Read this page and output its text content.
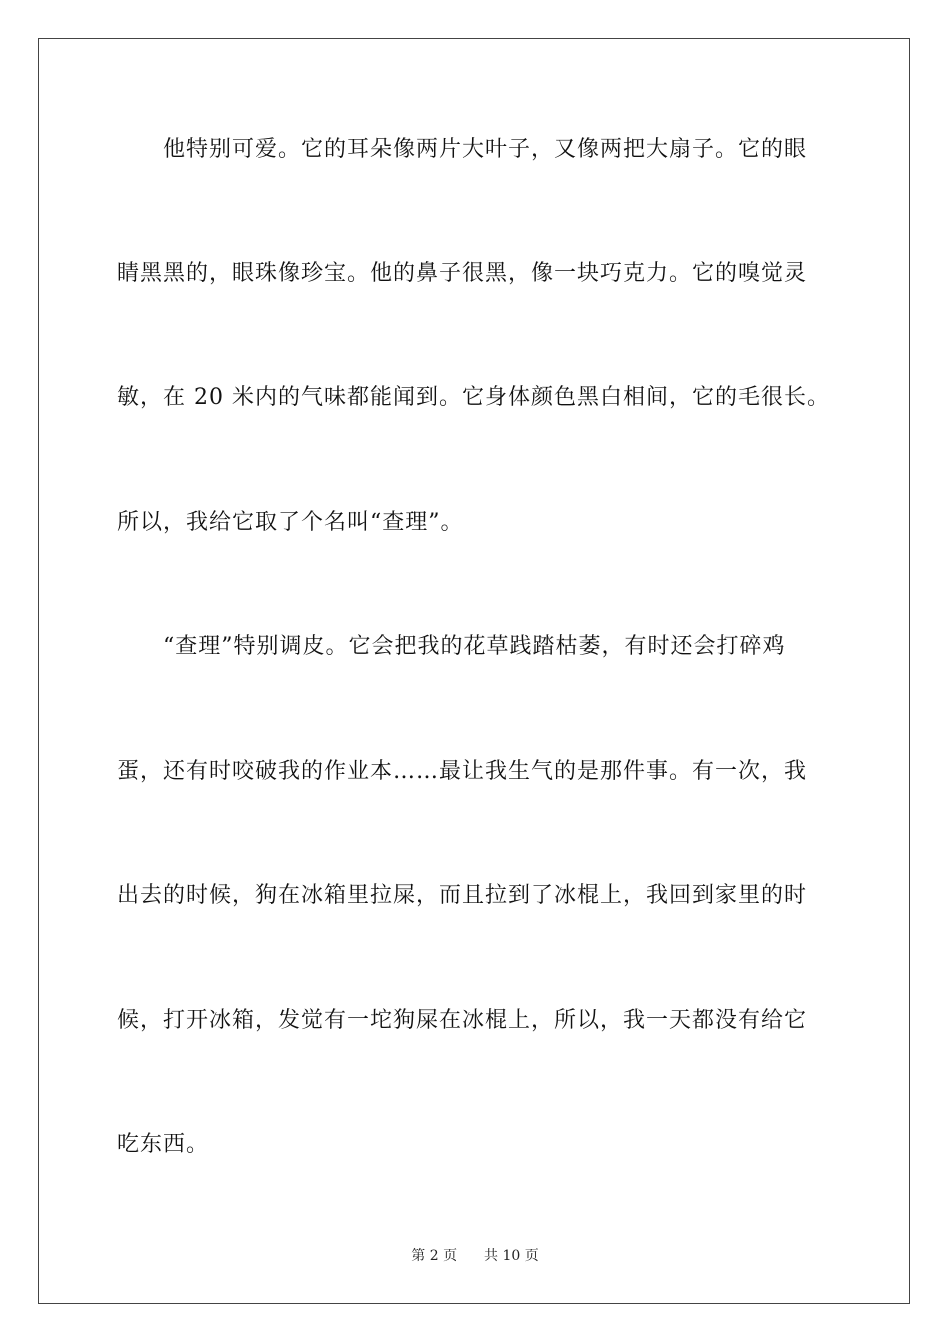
他特别可爱。它的耳朵像两片大叶子，又像两把大扇子。它的眼
睛黑黑的，眼珠像珍宝。他的鼻子很黑，像一块巧克力。它的嗅觉灵
敏，在 20 米内的气味都能闻到。它身体颜色黑白相间，它的毛很长。
所以，我给它取了个名叫“查理”。
“查理”特别调皮。它会把我的花草践踏枯萎，有时还会打碎鸡
蛋，还有时咬破我的作业本……最让我生气的是那件事。有一次，我
出去的时候，狗在冰箱里拉屎，而且拉到了冰棍上，我回到家里的时
候，打开冰箱，发觉有一坨狗屎在冰棍上，所以，我一天都没有给它
吃东西。
第 2 页 共 10 页
